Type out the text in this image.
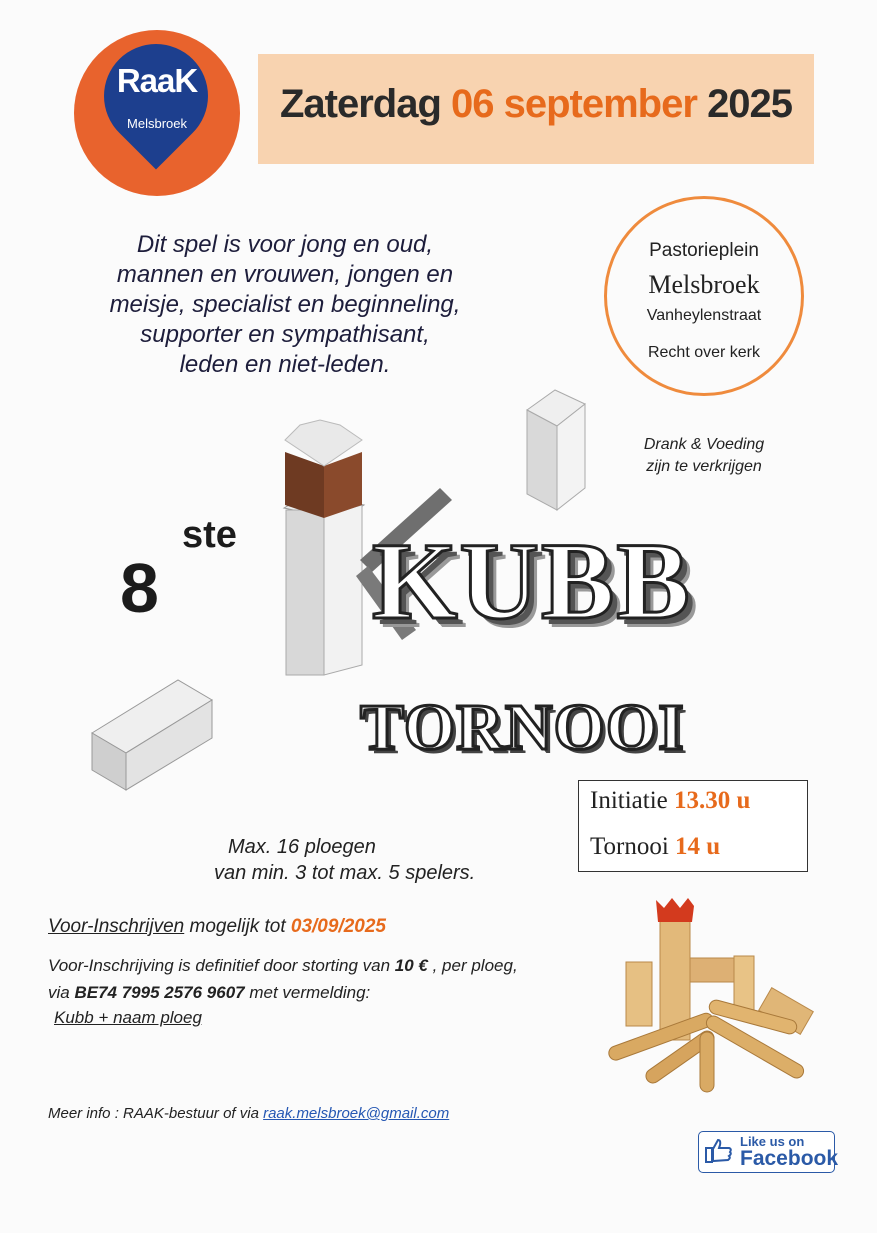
RaaK
Melsbroek	Zaterdag 06 september 2025
Dit spel is voor jong en oud,
mannen en vrouwen, jongen en
meisje, specialist en beginneling,
supporter en sympathisant,
leden en niet-leden.
Pastorieplein
Melsbroek
Vanheylenstraat
Recht over kerk
Drank & Voeding
zijn te verkrijgen
8
ste KUBB
TORNOOI
Initiatie 13.30 u
Tornooi 14 u
Max. 16 ploegen
van min. 3 tot max. 5 spelers.
Voor-Inschrijven mogelijk tot 03/09/2025
Voor-Inschrijving is definitief door storting van 10 € , per ploeg,
via BE74 7995 2576 9607 met vermelding:
Kubb + naam ploeg
Meer info : RAAK-bestuur of via raak.melsbroek@gmail.com
Like us on
Facebook
